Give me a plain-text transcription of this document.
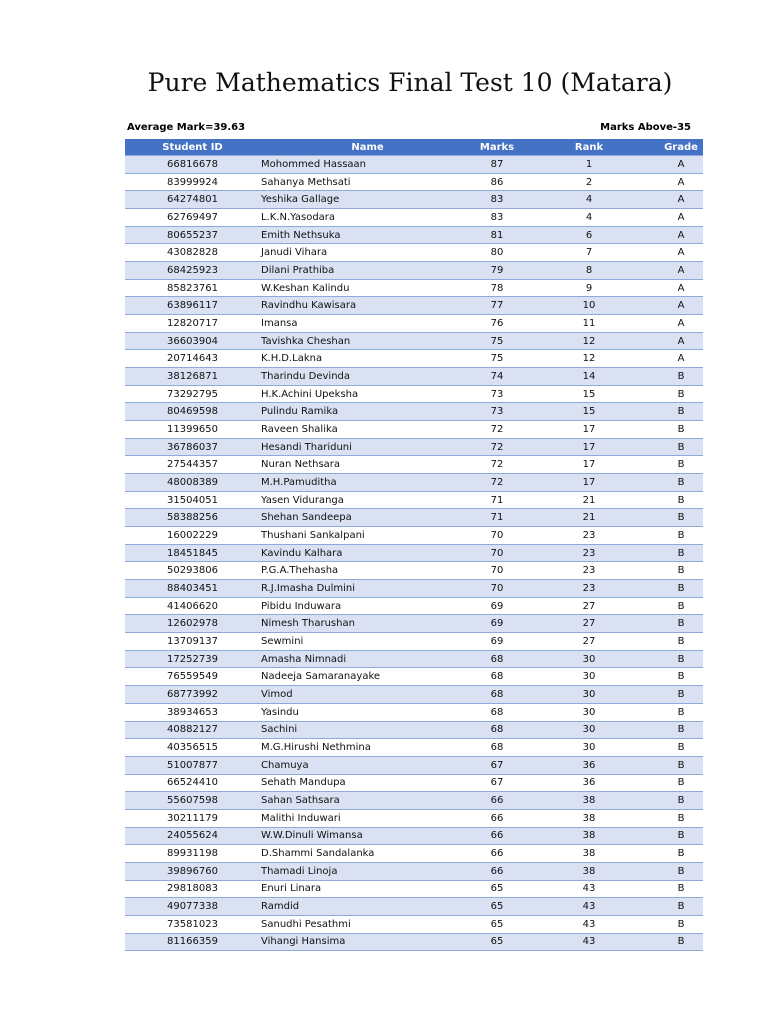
Pure Mathematics Final Test 10 (Matara)
Average Mark=39.63	Marks Above-35
Student ID	Name	Marks	Rank	Grade
66816678	Mohommed Hassaan	87	1	A
83999924	Sahanya Methsati	86	2	A
64274801	Yeshika Gallage	83	4	A
62769497	L.K.N.Yasodara	83	4	A
80655237	Emith Nethsuka	81	6	A
43082828	Janudi Vihara	80	7	A
68425923	Dilani Prathiba	79	8	A
85823761	W.Keshan Kalindu	78	9	A
63896117	Ravindhu Kawisara	77	10	A
12820717	Imansa	76	11	A
36603904	Tavishka Cheshan	75	12	A
20714643	K.H.D.Lakna	75	12	A
38126871	Tharindu Devinda	74	14	B
73292795	H.K.Achini Upeksha	73	15	B
80469598	Pulindu Ramika	73	15	B
11399650	Raveen Shalika	72	17	B
36786037	Hesandi Thariduni	72	17	B
27544357	Nuran Nethsara	72	17	B
48008389	M.H.Pamuditha	72	17	B
31504051	Yasen Viduranga	71	21	B
58388256	Shehan Sandeepa	71	21	B
16002229	Thushani Sankalpani	70	23	B
18451845	Kavindu Kalhara	70	23	B
50293806	P.G.A.Thehasha	70	23	B
88403451	R.J.Imasha Dulmini	70	23	B
41406620	Pibidu Induwara	69	27	B
12602978	Nimesh Tharushan	69	27	B
13709137	Sewmini	69	27	B
17252739	Amasha Nimnadi	68	30	B
76559549	Nadeeja Samaranayake	68	30	B
68773992	Vimod	68	30	B
38934653	Yasindu	68	30	B
40882127	Sachini	68	30	B
40356515	M.G.Hirushi Nethmina	68	30	B
51007877	Chamuya	67	36	B
66524410	Sehath Mandupa	67	36	B
55607598	Sahan Sathsara	66	38	B
30211179	Malithi Induwari	66	38	B
24055624	W.W.Dinuli Wimansa	66	38	B
89931198	D.Shammi Sandalanka	66	38	B
39896760	Thamadi Linoja	66	38	B
29818083	Enuri Linara	65	43	B
49077338	Ramdid	65	43	B
73581023	Sanudhi Pesathmi	65	43	B
81166359	Vihangi Hansima	65	43	B
